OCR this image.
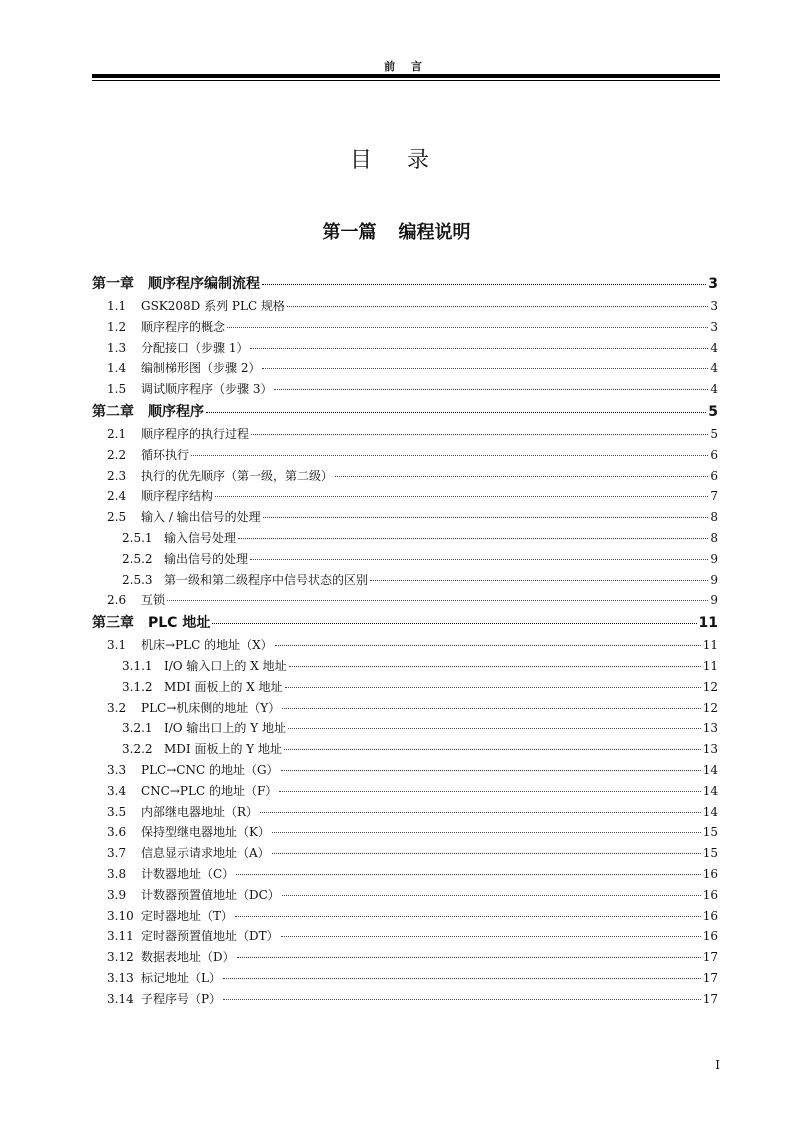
前 言
目 录
第一篇 编程说明
第一章 顺序程序编制流程	3
1.1	GSK208D 系列 PLC 规格	3
1.2	顺序程序的概念	3
1.3	分配接口（步骤 1）	4
1.4	编制梯形图（步骤 2）	4
1.5	调试顺序程序（步骤 3）	4
第二章 顺序程序	5
2.1	顺序程序的执行过程	5
2.2	循环执行	6
2.3	执行的优先顺序（第一级，第二级）	6
2.4	顺序程序结构	7
2.5	输入 / 输出信号的处理	8
2.5.1 输入信号处理	8
2.5.2 输出信号的处理	9
2.5.3 第一级和第二级程序中信号状态的区别	9
2.6	互锁	9
第三章 PLC 地址	11
3.1	机床→PLC 的地址（X）	11
3.1.1 I/O 输入口上的 X 地址	11
3.1.2 MDI 面板上的 X 地址	12
3.2	PLC→机床侧的地址（Y）	12
3.2.1 I/O 输出口上的 Y 地址	13
3.2.2 MDI 面板上的 Y 地址	13
3.3	PLC→CNC 的地址（G）	14
3.4	CNC→PLC 的地址（F）	14
3.5	内部继电器地址（R）	14
3.6	保持型继电器地址（K）	15
3.7	信息显示请求地址（A）	15
3.8	计数器地址（C）	16
3.9	计数器预置值地址（DC）	16
3.10 定时器地址（T）	16
3.11 定时器预置值地址（DT）	16
3.12 数据表地址（D）	17
3.13 标记地址（L）	17
3.14 子程序号（P）	17
I
